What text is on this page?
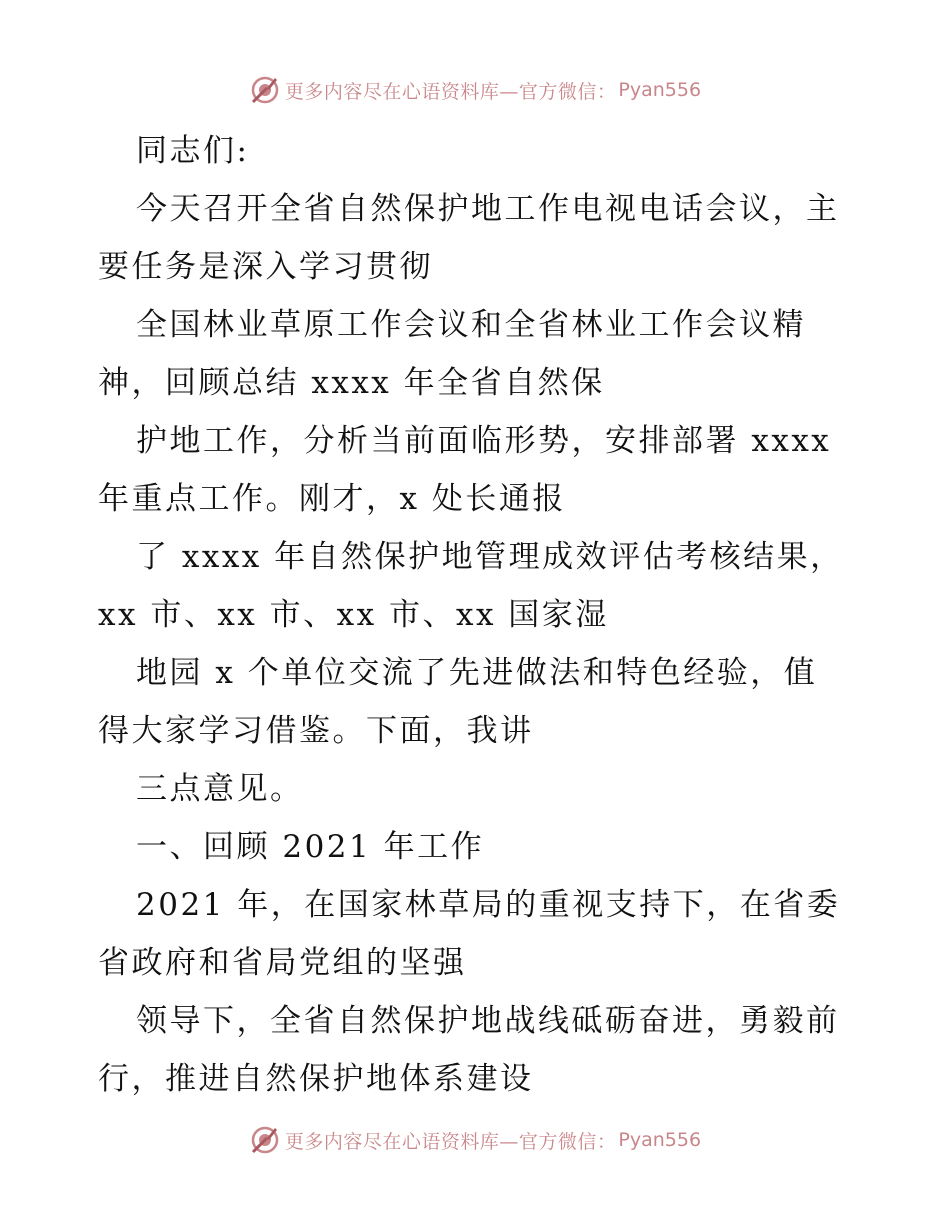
更多内容尽在心语资料库—官方微信： Pyan556
同志们:
今天召开全省自然保护地工作电视电话会议，主
要任务是深入学习贯彻
全国林业草原工作会议和全省林业工作会议精
神，回顾总结 xxxx 年全省自然保
护地工作，分析当前面临形势，安排部署 xxxx
年重点工作。刚才，x 处长通报
了 xxxx 年自然保护地管理成效评估考核结果，
xx 市、xx 市、xx 市、xx 国家湿
地园 x 个单位交流了先进做法和特色经验，值
得大家学习借鉴。下面，我讲
三点意见。
一、回顾 2021 年工作
2021 年，在国家林草局的重视支持下，在省委
省政府和省局党组的坚强
领导下，全省自然保护地战线砥砺奋进，勇毅前
行，推进自然保护地体系建设
更多内容尽在心语资料库—官方微信： Pyan556
